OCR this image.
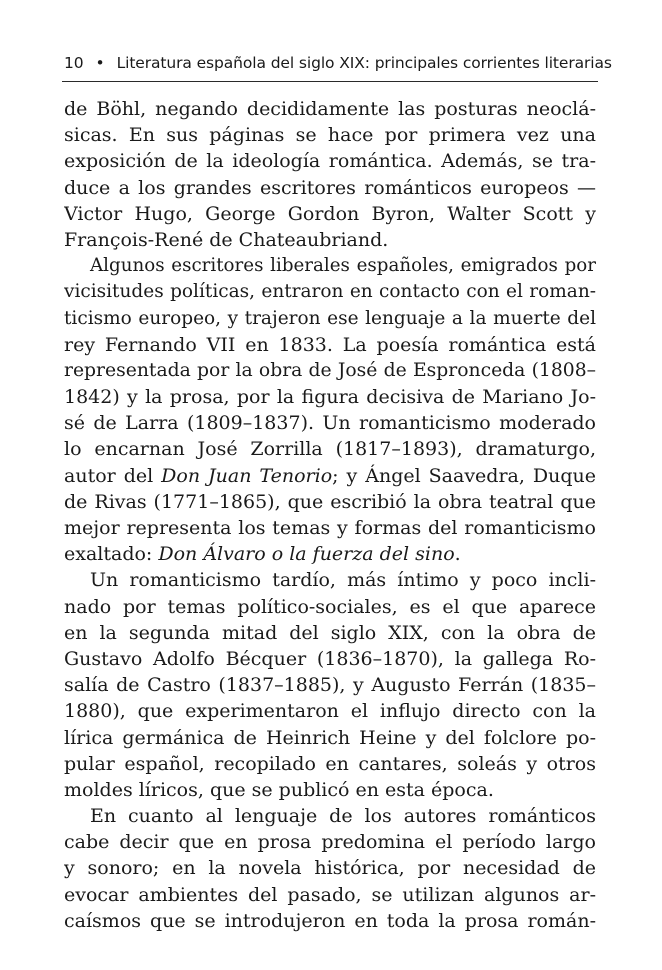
10 • Literatura española del siglo XIX: principales corrientes literarias
de Böhl, negando decididamente las posturas neoclá-
sicas. En sus páginas se hace por primera vez una
exposición de la ideología romántica. Además, se tra-
duce a los grandes escritores románticos europeos —
Victor Hugo, George Gordon Byron, Walter Scott y
François-René de Chateaubriand.
Algunos escritores liberales españoles, emigrados por
vicisitudes políticas, entraron en contacto con el roman-
ticismo europeo, y trajeron ese lenguaje a la muerte del
rey Fernando VII en 1833. La poesía romántica está
representada por la obra de José de Espronceda (1808–
1842) y la prosa, por la figura decisiva de Mariano Jo-
sé de Larra (1809–1837). Un romanticismo moderado
lo encarnan José Zorrilla (1817–1893), dramaturgo,
autor del Don Juan Tenorio; y Ángel Saavedra, Duque
de Rivas (1771–1865), que escribió la obra teatral que
mejor representa los temas y formas del romanticismo
exaltado: Don Álvaro o la fuerza del sino.
Un romanticismo tardío, más íntimo y poco incli-
nado por temas político-sociales, es el que aparece
en la segunda mitad del siglo XIX, con la obra de
Gustavo Adolfo Bécquer (1836–1870), la gallega Ro-
salía de Castro (1837–1885), y Augusto Ferrán (1835–
1880), que experimentaron el influjo directo con la
lírica germánica de Heinrich Heine y del folclore po-
pular español, recopilado en cantares, soleás y otros
moldes líricos, que se publicó en esta época.
En cuanto al lenguaje de los autores románticos
cabe decir que en prosa predomina el período largo
y sonoro; en la novela histórica, por necesidad de
evocar ambientes del pasado, se utilizan algunos ar-
caísmos que se introdujeron en toda la prosa román-
